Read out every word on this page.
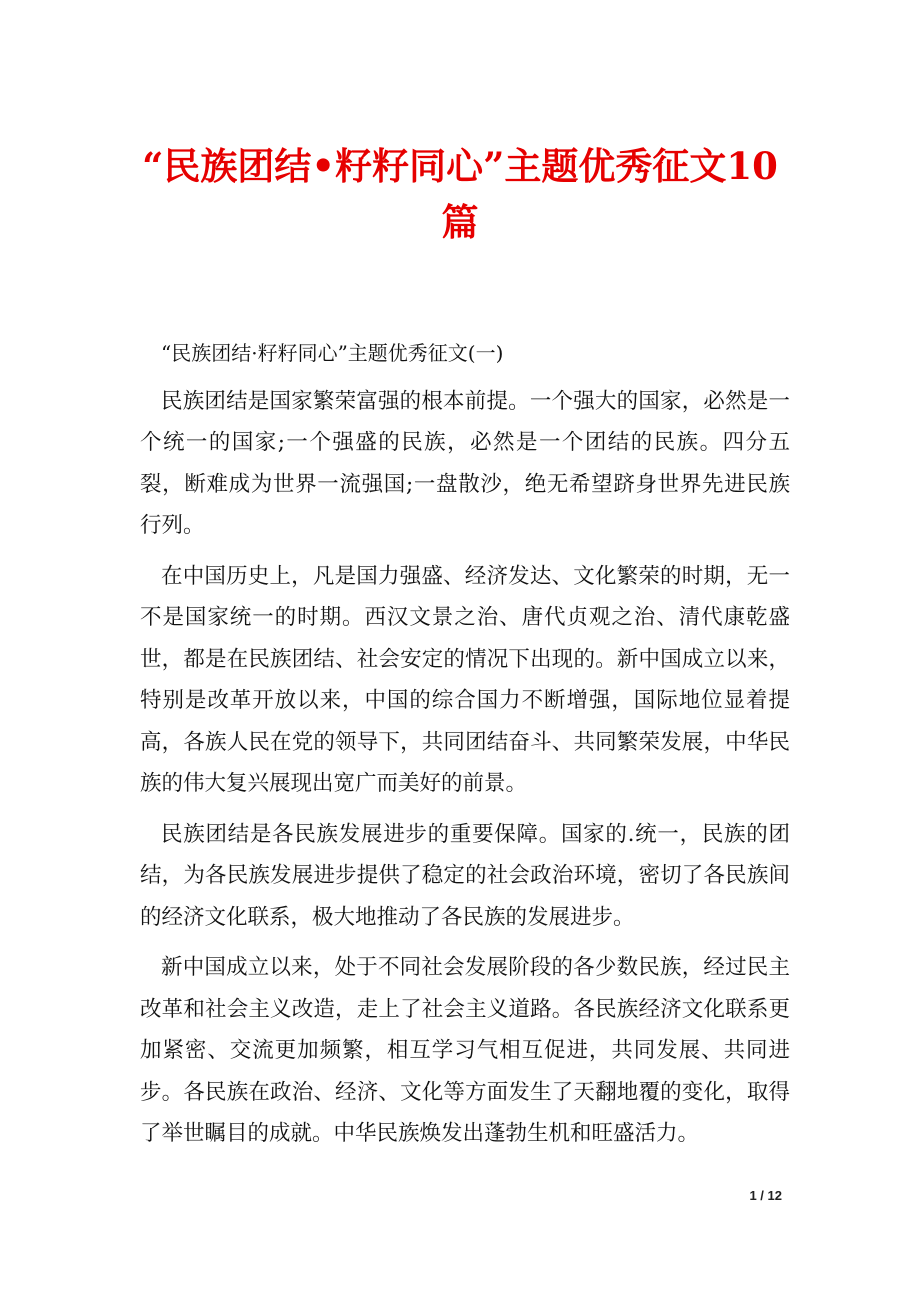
“民族团结•籽籽同心”主题优秀征文10
篇

“民族团结·籽籽同心”主题优秀征文(一)

民族团结是国家繁荣富强的根本前提。一个强大的国家，必然是一个统一的国家;一个强盛的民族，必然是一个团结的民族。四分五裂，断难成为世界一流强国;一盘散沙，绝无希望跻身世界先进民族行列。

在中国历史上，凡是国力强盛、经济发达、文化繁荣的时期，无一不是国家统一的时期。西汉文景之治、唐代贞观之治、清代康乾盛世，都是在民族团结、社会安定的情况下出现的。新中国成立以来，特别是改革开放以来，中国的综合国力不断增强，国际地位显着提高，各族人民在党的领导下，共同团结奋斗、共同繁荣发展，中华民族的伟大复兴展现出宽广而美好的前景。

民族团结是各民族发展进步的重要保障。国家的.统一，民族的团结，为各民族发展进步提供了稳定的社会政治环境，密切了各民族间的经济文化联系，极大地推动了各民族的发展进步。

新中国成立以来，处于不同社会发展阶段的各少数民族，经过民主改革和社会主义改造，走上了社会主义道路。各民族经济文化联系更加紧密、交流更加频繁，相互学习气相互促进，共同发展、共同进步。各民族在政治、经济、文化等方面发生了天翻地覆的变化，取得了举世瞩目的成就。中华民族焕发出蓬勃生机和旺盛活力。

1 / 12
